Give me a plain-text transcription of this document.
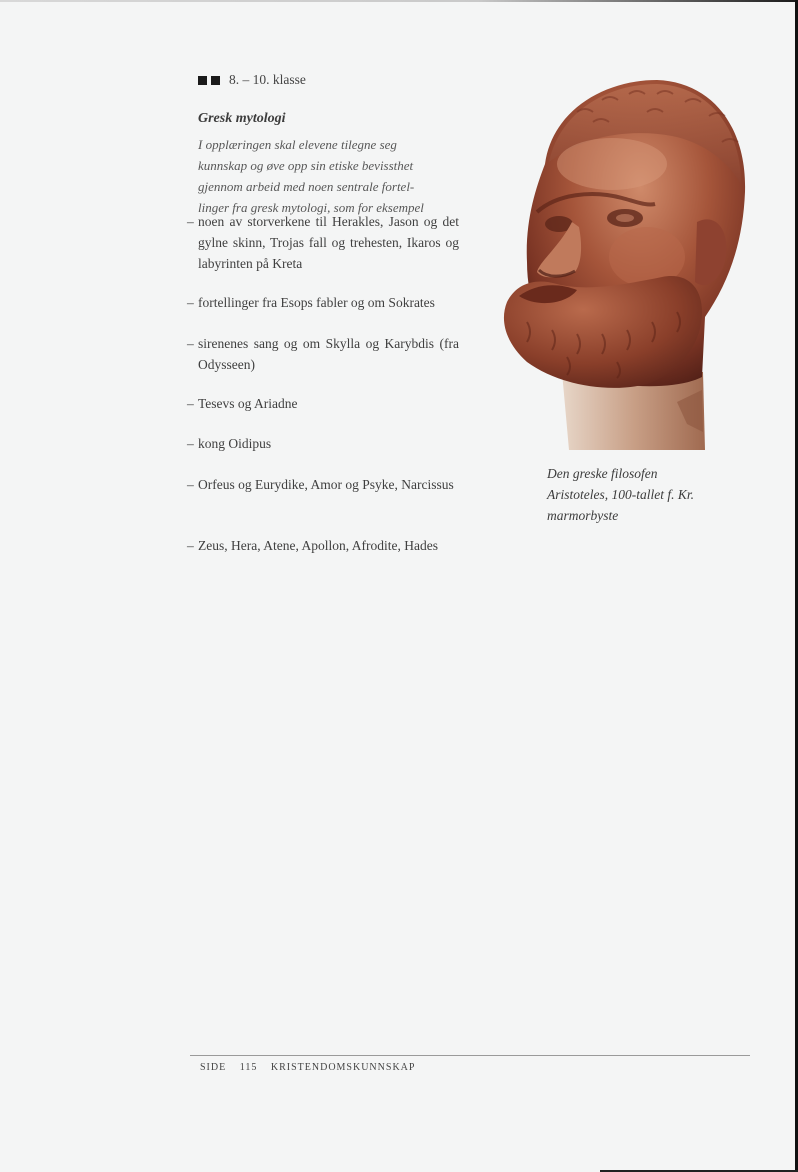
8. – 10. klasse
Gresk mytologi
I opplæringen skal elevene tilegne seg
kunnskap og øve opp sin etiske bevissthet
gjennom arbeid med noen sentrale fortel-
linger fra gresk mytologi, som for eksempel
– noen av storverkene til Herakles, Jason og det gylne skinn, Trojas fall og trehesten, Ikaros og labyrinten på Kreta
– fortellinger fra Esops fabler og om Sokrates
– sirenenes sang og om Skylla og Karybdis (fra Odysseen)
– Tesevs og Ariadne
– kong Oidipus
– Orfeus og Eurydike, Amor og Psyke, Narcissus
– Zeus, Hera, Atene, Apollon, Afrodite, Hades
Den greske filosofen
Aristoteles, 100-tallet f. Kr.
marmorbyste
SIDE 115 KRISTENDOMSKUNNSKAP
